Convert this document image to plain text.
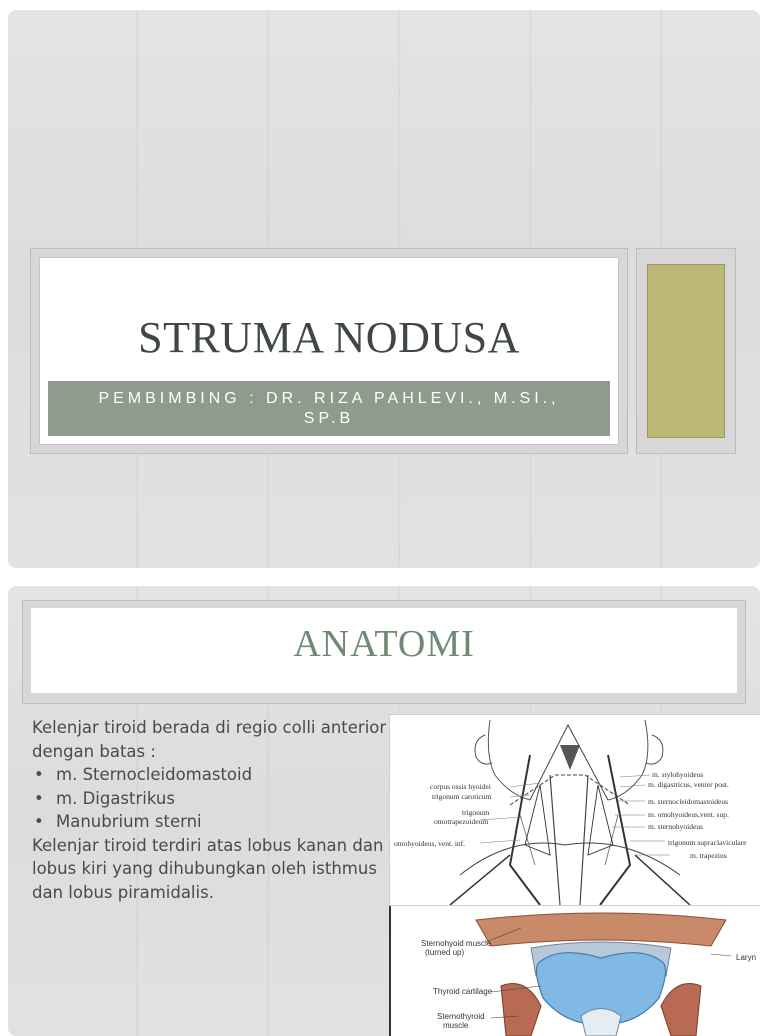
STRUMA NODUSA
PEMBIMBING : DR. RIZA PAHLEVI., M.SI., SP.B
ANATOMI
Kelenjar tiroid berada di regio colli anterior dengan batas :
• m. Sternocleidomastoid
• m. Digastrikus
• Manubrium sterni
Kelenjar tiroid terdiri atas lobus kanan dan lobus kiri yang dihubungkan oleh isthmus dan lobus piramidalis.
corpus ossis hyoidei
trigonum caroticum
trigonum
omotrapezoideum
omohyoideus, vent. inf.
m. stylohyoideus
m. digastricus, venter post.
m. sternocleidomastoideus
m. omohyoideus,vent. sup.
m. sternohyoideus
trigonum supraclaviculare
m. trapezius
Sternohyoid muscle
(turned up)
Thyroid cartilage
Sternothyroid
muscle
Laryn
